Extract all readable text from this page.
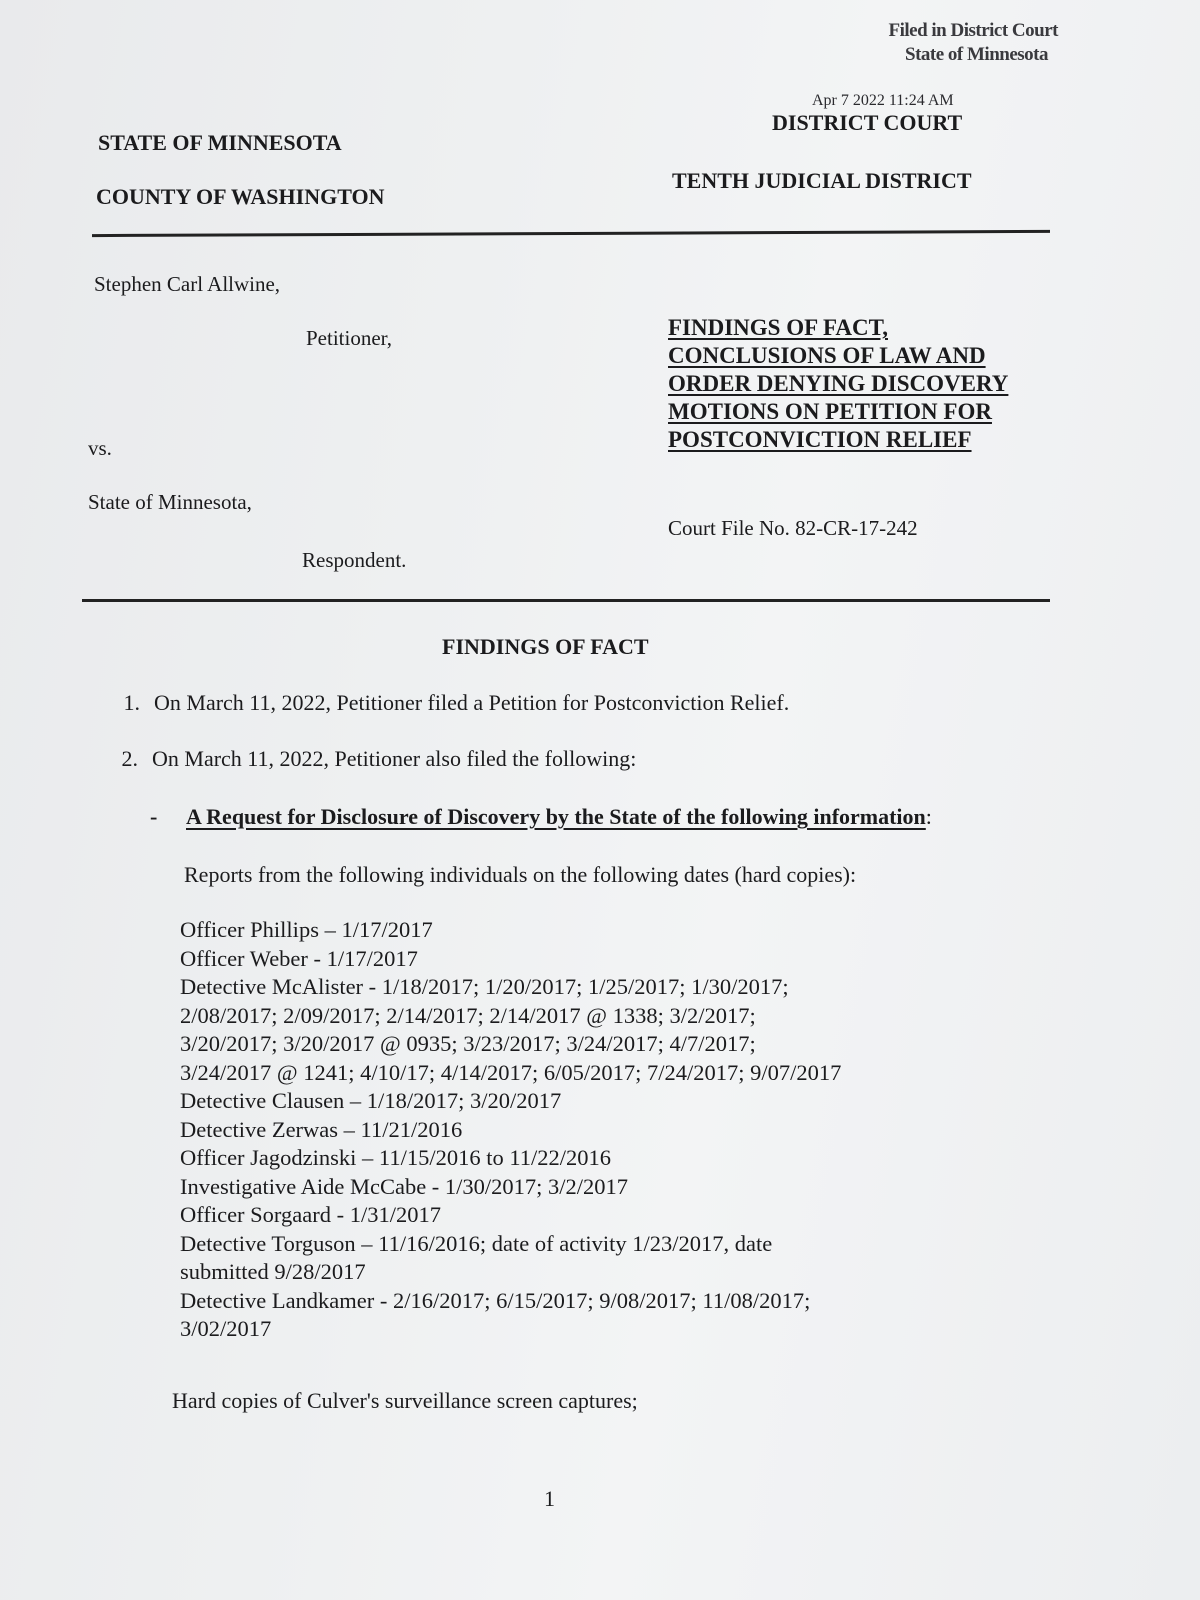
Filed in District Court
State of Minnesota
Apr 7 2022 11:24 AM
STATE OF MINNESOTA
DISTRICT COURT
COUNTY OF WASHINGTON
TENTH JUDICIAL DISTRICT
Stephen Carl Allwine,
Petitioner,
vs.
State of Minnesota,
Respondent.
FINDINGS OF FACT,
CONCLUSIONS OF LAW AND
ORDER DENYING DISCOVERY
MOTIONS ON PETITION FOR
POSTCONVICTION RELIEF
Court File No. 82-CR-17-242
FINDINGS OF FACT
1. On March 11, 2022, Petitioner filed a Petition for Postconviction Relief.
2. On March 11, 2022, Petitioner also filed the following:
- A Request for Disclosure of Discovery by the State of the following information:
Reports from the following individuals on the following dates (hard copies):
Officer Phillips – 1/17/2017
Officer Weber - 1/17/2017
Detective McAlister - 1/18/2017; 1/20/2017; 1/25/2017; 1/30/2017;
2/08/2017; 2/09/2017; 2/14/2017; 2/14/2017 @ 1338; 3/2/2017;
3/20/2017; 3/20/2017 @ 0935; 3/23/2017; 3/24/2017; 4/7/2017;
3/24/2017 @ 1241; 4/10/17; 4/14/2017; 6/05/2017; 7/24/2017; 9/07/2017
Detective Clausen – 1/18/2017; 3/20/2017
Detective Zerwas – 11/21/2016
Officer Jagodzinski – 11/15/2016 to 11/22/2016
Investigative Aide McCabe - 1/30/2017; 3/2/2017
Officer Sorgaard - 1/31/2017
Detective Torguson – 11/16/2016; date of activity 1/23/2017, date
submitted 9/28/2017
Detective Landkamer - 2/16/2017; 6/15/2017; 9/08/2017; 11/08/2017;
3/02/2017
Hard copies of Culver's surveillance screen captures;
1
